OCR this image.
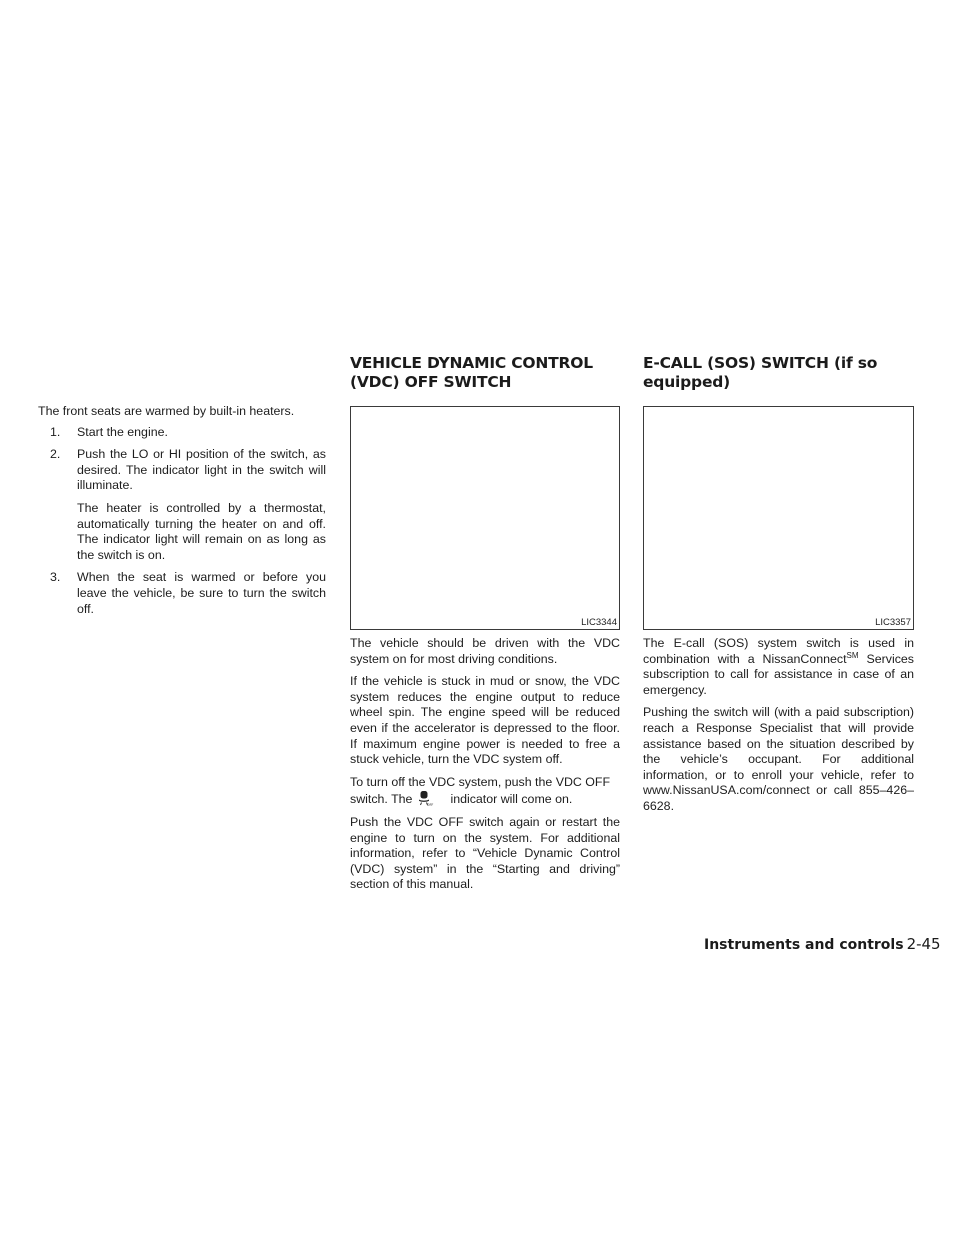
The front seats are warmed by built-in heaters.

1. Start the engine.

2. Push the LO or HI position of the switch, as desired. The indicator light in the switch will illuminate.

The heater is controlled by a thermostat, automatically turning the heater on and off. The indicator light will remain on as long as the switch is on.

3. When the seat is warmed or before you leave the vehicle, be sure to turn the switch off.

VEHICLE DYNAMIC CONTROL (VDC) OFF SWITCH
LIC3344

The vehicle should be driven with the VDC system on for most driving conditions.

If the vehicle is stuck in mud or snow, the VDC system reduces the engine output to reduce wheel spin. The engine speed will be reduced even if the accelerator is depressed to the floor. If maximum engine power is needed to free a stuck vehicle, turn the VDC system off.

To turn off the VDC system, push the VDC OFF switch. The	OFF indicator will come on.

Push the VDC OFF switch again or restart the engine to turn on the system. For additional information, refer to “Vehicle Dynamic Control (VDC) system” in the “Starting and driving” section of this manual.

E-CALL (SOS) SWITCH (if so equipped)
LIC3357

The E-call (SOS) system switch is used in combination with a NissanConnect℠ Services subscription to call for assistance in case of an emergency.

Pushing the switch will (with a paid subscription) reach a Response Specialist that will provide assistance based on the situation described by the vehicle’s occupant. For additional information, or to enroll your vehicle, refer to www.NissanUSA.com/connect or call 855–426–6628.

Instruments and controls 2-45
